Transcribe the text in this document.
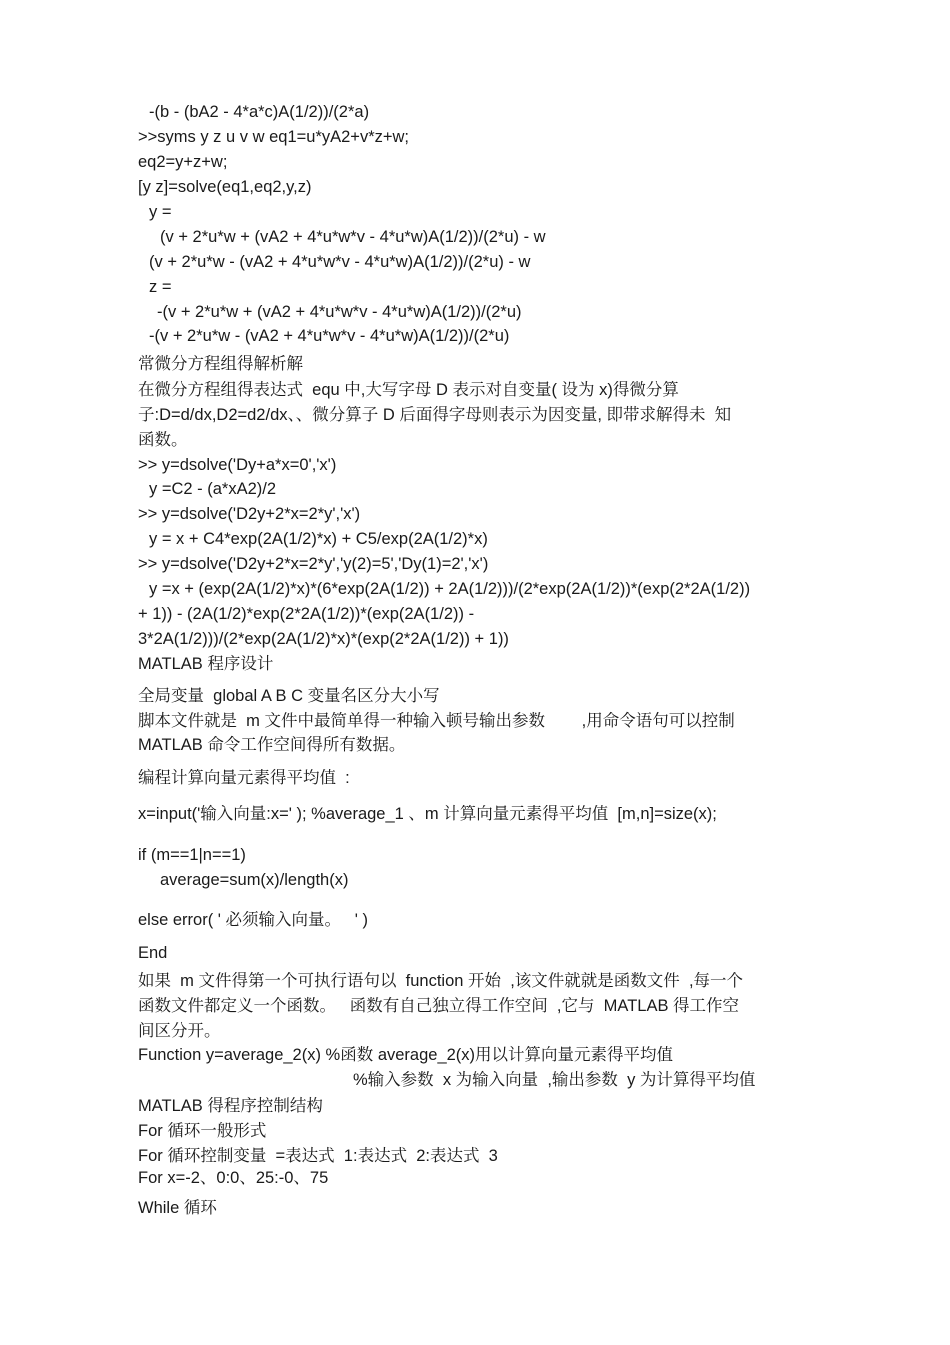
-(b - (bA2 - 4*a*c)A(1/2))/(2*a)
>>syms y z u v w eq1=u*yA2+v*z+w;
eq2=y+z+w;
[y z]=solve(eq1,eq2,y,z)
y =
(v + 2*u*w + (vA2 + 4*u*w*v - 4*u*w)A(1/2))/(2*u) - w
(v + 2*u*w - (vA2 + 4*u*w*v - 4*u*w)A(1/2))/(2*u) - w
z =
-(v + 2*u*w + (vA2 + 4*u*w*v - 4*u*w)A(1/2))/(2*u)
-(v + 2*u*w - (vA2 + 4*u*w*v - 4*u*w)A(1/2))/(2*u)
常微分方程组得解析解
在微分方程组得表达式  equ 中,大写字母 D 表示对自变量( 设为 x)得微分算
子:D=d/dx,D2=d2/dx、、微分算子 D 后面得字母则表示为因变量, 即带求解得未  知
函数。
>> y=dsolve('Dy+a*x=0','x')
y =C2 - (a*xA2)/2
>> y=dsolve('D2y+2*x=2*y','x')
y = x + C4*exp(2A(1/2)*x) + C5/exp(2A(1/2)*x)
>> y=dsolve('D2y+2*x=2*y','y(2)=5','Dy(1)=2','x')
y =x + (exp(2A(1/2)*x)*(6*exp(2A(1/2)) + 2A(1/2)))/(2*exp(2A(1/2))*(exp(2*2A(1/2))
+ 1)) - (2A(1/2)*exp(2*2A(1/2))*(exp(2A(1/2)) -
3*2A(1/2)))/(2*exp(2A(1/2)*x)*(exp(2*2A(1/2)) + 1))
MATLAB 程序设计
全局变量  global A B C 变量名区分大小写
脚本文件就是  m 文件中最简单得一种输入顿号输出参数        ,用命令语句可以控制
MATLAB 命令工作空间得所有数据。
编程计算向量元素得平均值  :
x=input('输入向量:x=' ); %average_1 、m 计算向量元素得平均值  [m,n]=size(x);
if (m==1|n==1)
average=sum(x)/length(x)
else error( ' 必须输入向量。   ' )
End
如果  m 文件得第一个可执行语句以  function 开始  ,该文件就就是函数文件  ,每一个
函数文件都定义一个函数。   函数有自己独立得工作空间  ,它与  MATLAB 得工作空
间区分开。
Function y=average_2(x) %函数 average_2(x)用以计算向量元素得平均值
%输入参数  x 为输入向量  ,输出参数  y 为计算得平均值
MATLAB 得程序控制结构
For 循环一般形式
For 循环控制变量  =表达式  1:表达式  2:表达式  3
For x=-2、0:0、25:-0、75
While 循环
